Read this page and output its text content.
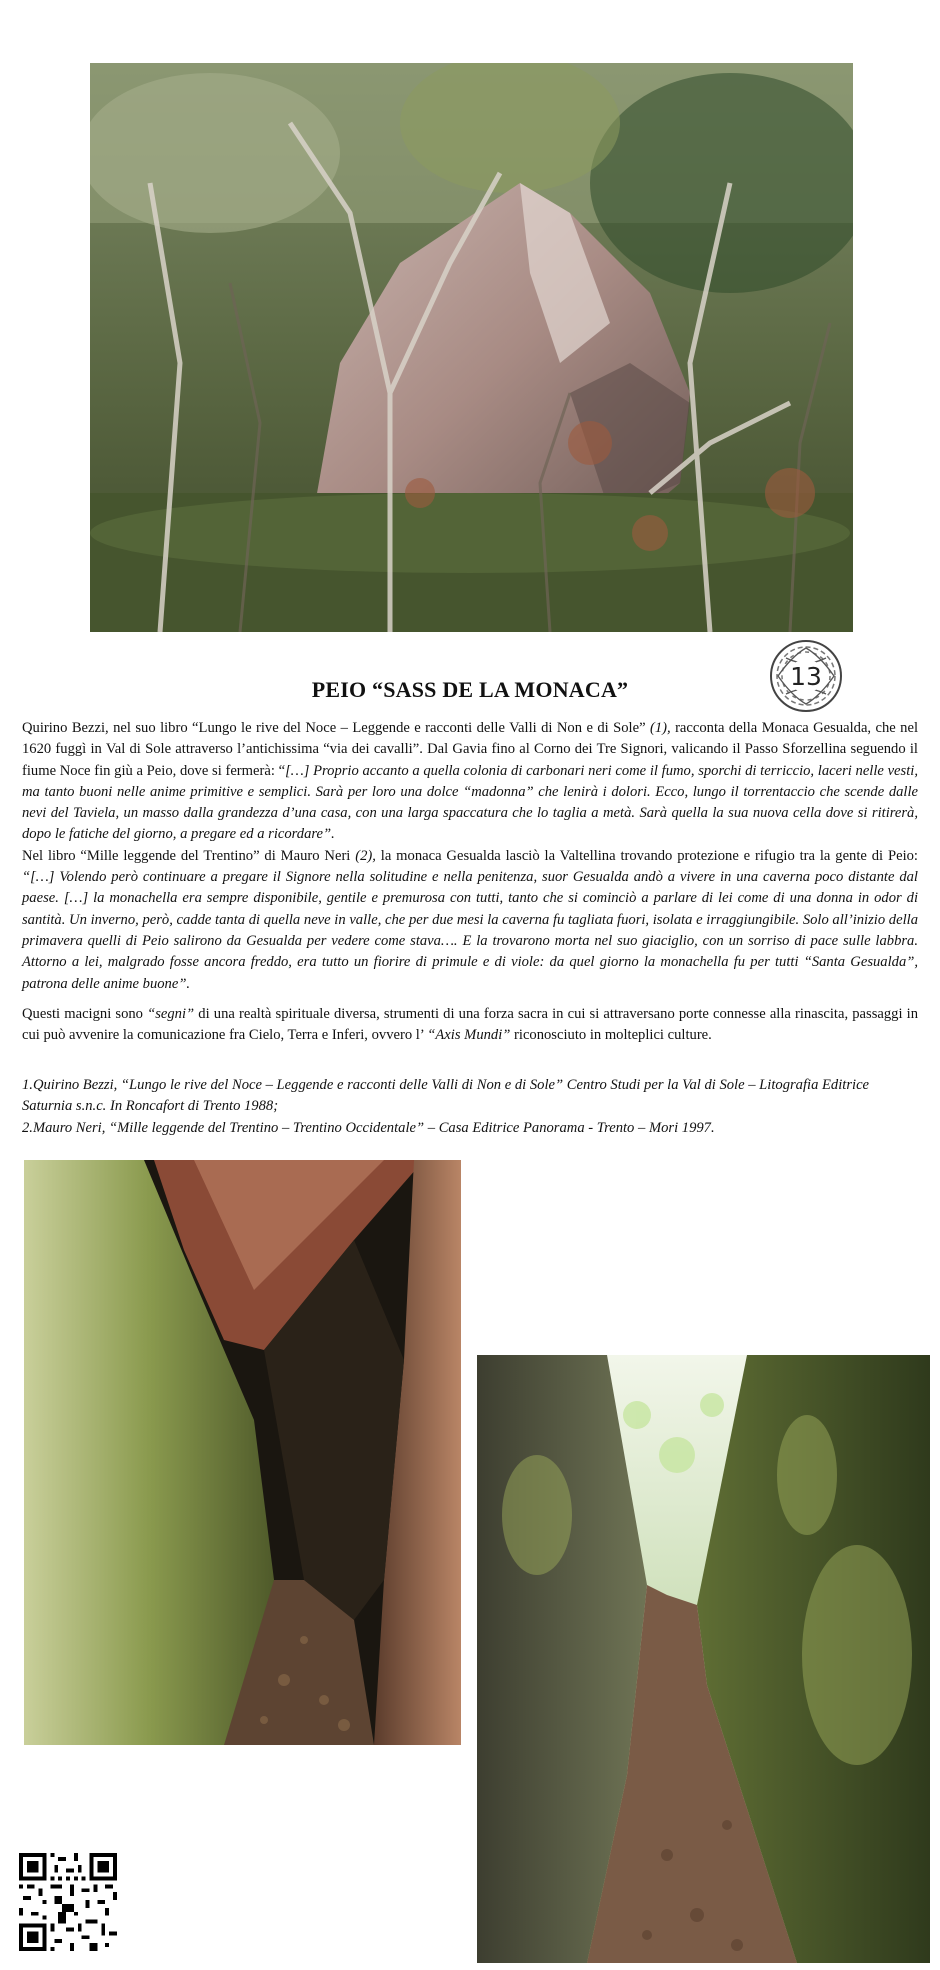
13
PEIO “SASS DE LA MONACA”

Quirino Bezzi, nel suo libro “Lungo le rive del Noce – Leggende e racconti delle Valli di Non e di Sole” (1), racconta della Monaca Gesualda, che nel 1620 fuggì in Val di Sole attraverso l’antichissima “via dei cavalli”. Dal Gavia fino al Corno dei Tre Signori, valicando il Passo Sforzellina seguendo il fiume Noce fin giù a Peio, dove si fermerà: “[…] Proprio accanto a quella colonia di carbonari neri come il fumo, sporchi di terriccio, laceri nelle vesti, ma tanto buoni nelle anime primitive e semplici. Sarà per loro una dolce “madonna” che lenirà i dolori. Ecco, lungo il torrentaccio che scende dalle nevi del Taviela, un masso dalla grandezza d’una casa, con una larga spaccatura che lo taglia a metà. Sarà quella la sua nuova cella dove si ritirerà, dopo le fatiche del giorno, a pregare ed a ricordare”.

Nel libro “Mille leggende del Trentino” di Mauro Neri (2), la monaca Gesualda lasciò la Valtellina trovando protezione e rifugio tra la gente di Peio: “[…] Volendo però continuare a pregare il Signore nella solitudine e nella penitenza, suor Gesualda andò a vivere in una caverna poco distante dal paese. […] la monachella era sempre disponibile, gentile e premurosa con tutti, tanto che si cominciò a parlare di lei come di una donna in odor di santità. Un inverno, però, cadde tanta di quella neve in valle, che per due mesi la caverna fu tagliata fuori, isolata e irraggiungibile. Solo all’inizio della primavera quelli di Peio salirono da Gesualda per vedere come stava…. E la trovarono morta nel suo giaciglio, con un sorriso di pace sulle labbra. Attorno a lei, malgrado fosse ancora freddo, era tutto un fiorire di primule e di viole: da quel giorno la monachella fu per tutti “Santa Gesualda”, patrona delle anime buone”.

Questi macigni sono “segni” di una realtà spirituale diversa, strumenti di una forza sacra in cui si attraversano porte connesse alla rinascita, passaggi in cui può avvenire la comunicazione fra Cielo, Terra e Inferi, ovvero l’ “Axis Mundi” riconosciuto in molteplici culture.

1.Quirino Bezzi, “Lungo le rive del Noce – Leggende e racconti delle Valli di Non e di Sole” Centro Studi per la Val di Sole – Litografia Editrice Saturnia s.n.c. In Roncafort di Trento 1988;

2.Mauro Neri, “Mille leggende del Trentino – Trentino Occidentale” – Casa Editrice Panorama - Trento – Mori 1997.
